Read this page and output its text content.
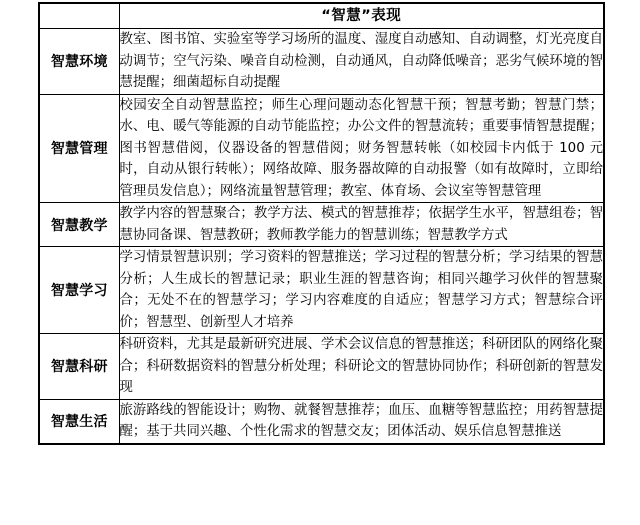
	“智慧”表现
智慧环境	教室、图书馆、实验室等学习场所的温度、湿度自动感知、自动调整，灯光亮度自动调节；空气污染、噪音自动检测，自动通风，自动降低噪音；恶劣气候环境的智慧提醒；细菌超标自动提醒

智慧管理	校园安全自动智慧监控；师生心理问题动态化智慧干预；智慧考勤；智慧门禁；水、电、暖气等能源的自动节能监控；办公文件的智慧流转；重要事情智慧提醒；图书智慧借阅，仪器设备的智慧借阅；财务智慧转帐（如校园卡内低于 100 元时，自动从银行转帐）；网络故障、服务器故障的自动报警（如有故障时，立即给管理员发信息）；网络流量智慧管理；教室、体育场、会议室等智慧管理

智慧教学	教学内容的智慧聚合；教学方法、模式的智慧推荐；依据学生水平，智慧组卷；智慧协同备课、智慧教研；教师教学能力的智慧训练；智慧教学方式

智慧学习	学习情景智慧识别；学习资料的智慧推送；学习过程的智慧分析；学习结果的智慧分析；人生成长的智慧记录；职业生涯的智慧咨询；相同兴趣学习伙伴的智慧聚合；无处不在的智慧学习；学习内容难度的自适应；智慧学习方式；智慧综合评价；智慧型、创新型人才培养

智慧科研	科研资料，尤其是最新研究进展、学术会议信息的智慧推送；科研团队的网络化聚合；科研数据资料的智慧分析处理；科研论文的智慧协同协作；科研创新的智慧发现

智慧生活	旅游路线的智能设计；购物、就餐智慧推荐；血压、血糖等智慧监控；用药智慧提醒；基于共同兴趣、个性化需求的智慧交友；团体活动、娱乐信息智慧推送
